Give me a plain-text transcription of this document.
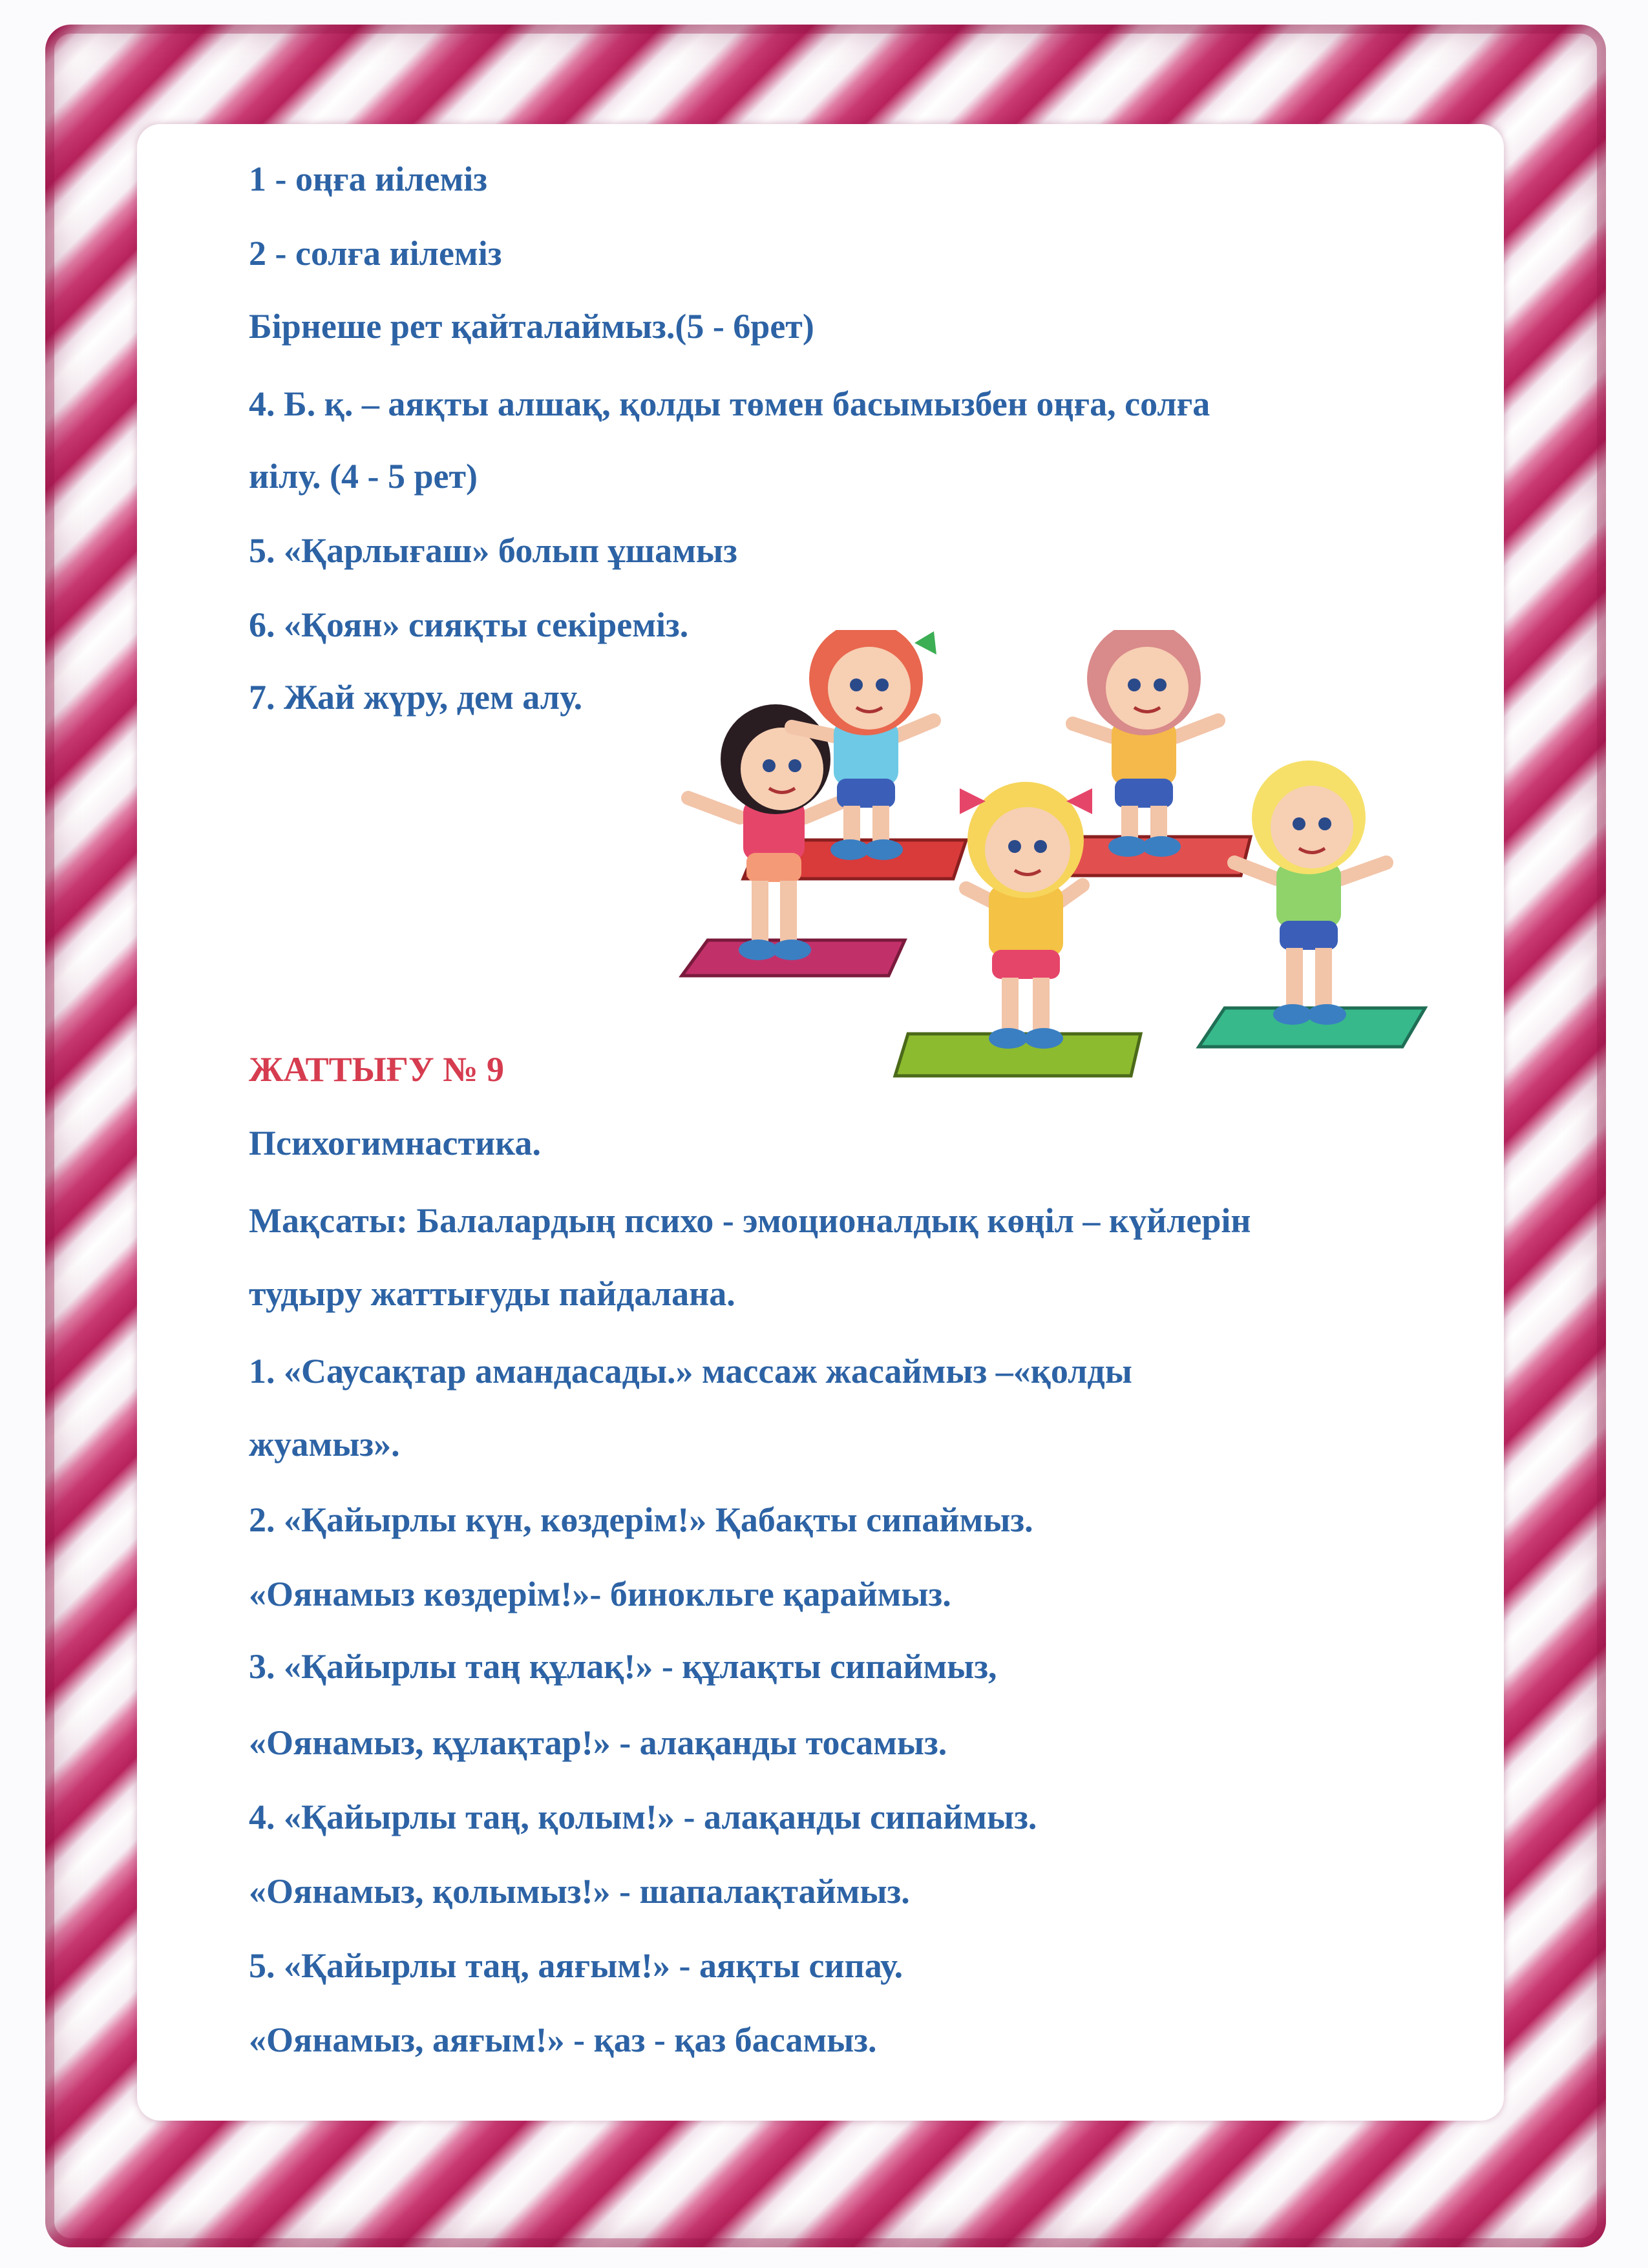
1 - оңға иілеміз

2 - солға иілеміз

Бірнеше рет қайталаймыз.(5 - 6рет)

4. Б. қ. – аяқты алшақ, қолды төмен басымызбен оңға, солға

иілу. (4 - 5 рет)

5. «Қарлығаш» болып ұшамыз

6. «Қоян» сияқты секіреміз.

7. Жай жүру, дем алу.

ЖАТТЫҒУ № 9

Психогимнастика.

Мақсаты: Балалардың психо - эмоционалдық көңіл – күйлерін

тудыру жаттығуды пайдалана.

1. «Саусақтар амандасады.» массаж жасаймыз –«қолды

жуамыз».

2. «Қайырлы күн, көздерім!» Қабақты сипаймыз.

«Оянамыз көздерім!»- бинокльге қараймыз.

3. «Қайырлы таң құлақ!» - құлақты сипаймыз,

«Оянамыз, құлақтар!» - алақанды тосамыз.

4. «Қайырлы таң, қолым!» - алақанды сипаймыз.

«Оянамыз, қолымыз!» - шапалақтаймыз.

5. «Қайырлы таң, аяғым!» - аяқты сипау.

«Оянамыз, аяғым!» - қаз - қаз басамыз.
